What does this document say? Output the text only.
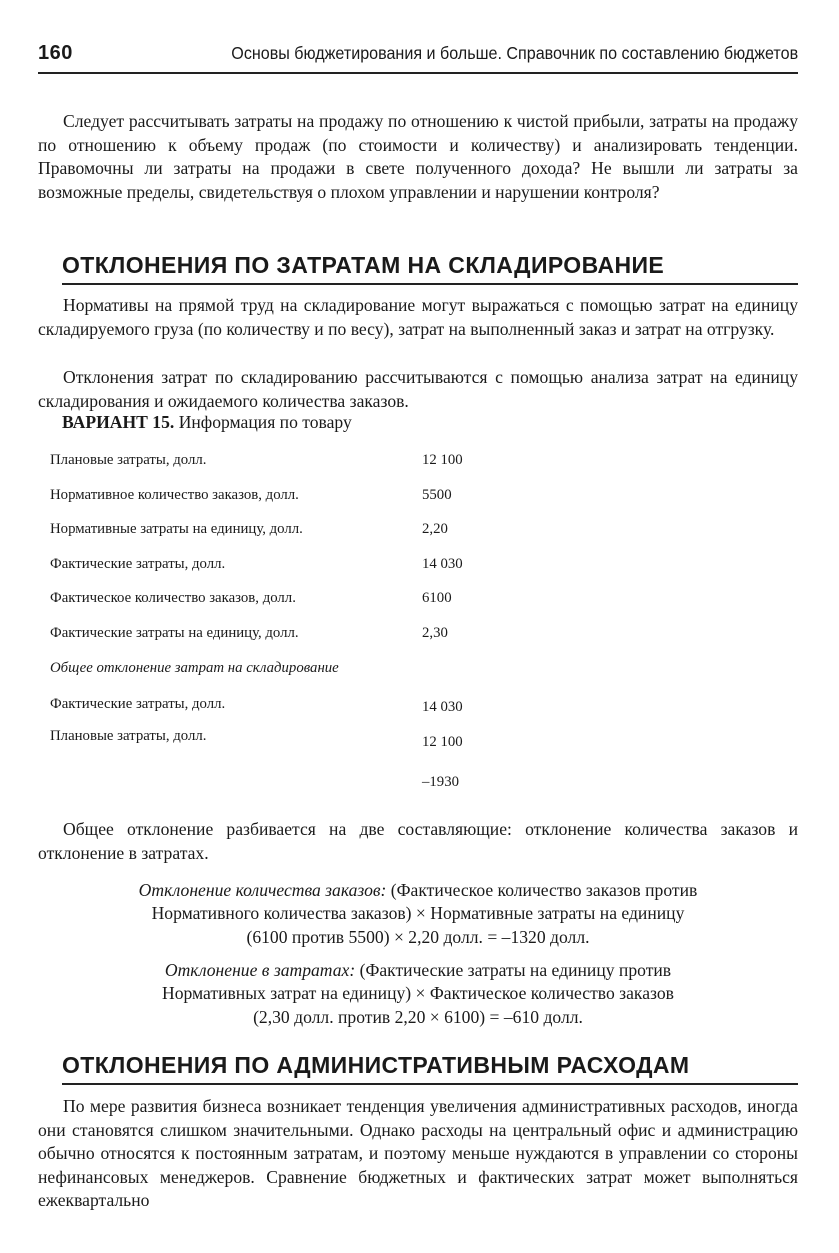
160	Основы бюджетирования и больше. Справочник по составлению бюджетов

Следует рассчитывать затраты на продажу по отношению к чистой прибыли, затраты на продажу по отношению к объему продаж (по стоимости и количеству) и анализировать тенденции. Правомочны ли затраты на продажи в свете полученного дохода? Не вышли ли затраты за возможные пределы, свидетельствуя о плохом управлении и нарушении контроля?

ОТКЛОНЕНИЯ ПО ЗАТРАТАМ НА СКЛАДИРОВАНИЕ

Нормативы на прямой труд на складирование могут выражаться с помощью затрат на единицу складируемого груза (по количеству и по весу), затрат на выполненный заказ и затрат на отгрузку.

Отклонения затрат по складированию рассчитываются с помощью анализа затрат на единицу складирования и ожидаемого количества заказов.

ВАРИАНТ 15. Информация по товару
Плановые затраты, долл.	12 100
Нормативное количество заказов, долл.	5500
Нормативные затраты на единицу, долл.	2,20
Фактические затраты, долл.	14 030
Фактическое количество заказов, долл.	6100
Фактические затраты на единицу, долл.	2,30
Общее отклонение затрат на складирование
Фактические затраты, долл.	14 030
Плановые затраты, долл.	12 100
–1930

Общее отклонение разбивается на две составляющие: отклонение количества заказов и отклонение в затратах.

Отклонение количества заказов: (Фактическое количество заказов против
Нормативного количества заказов) × Нормативные затраты на единицу
(6100 против 5500) × 2,20 долл. = –1320 долл.
Отклонение в затратах: (Фактические затраты на единицу против
Нормативных затрат на единицу) × Фактическое количество заказов
(2,30 долл. против 2,20 × 6100) = –610 долл.
ОТКЛОНЕНИЯ ПО АДМИНИСТРАТИВНЫМ РАСХОДАМ

По мере развития бизнеса возникает тенденция увеличения административных расходов, иногда они становятся слишком значительными. Однако расходы на центральный офис и администрацию обычно относятся к постоянным затратам, и поэтому меньше нуждаются в управлении со стороны нефинансовых менеджеров. Сравнение бюджетных и фактических затрат может выполняться ежеквартально
